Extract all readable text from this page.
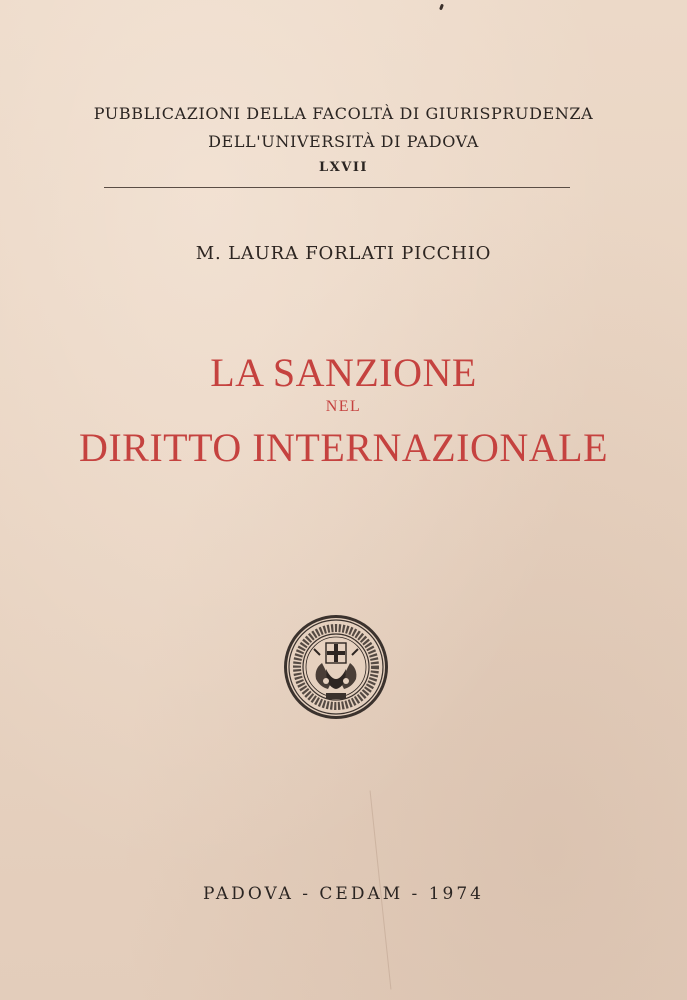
PUBBLICAZIONI DELLA FACOLTÀ DI GIURISPRUDENZA
DELL'UNIVERSITÀ DI PADOVA
LXVII
M. LAURA FORLATI PICCHIO
LA SANZIONE
NEL
DIRITTO INTERNAZIONALE
PADOVA - CEDAM - 1974
